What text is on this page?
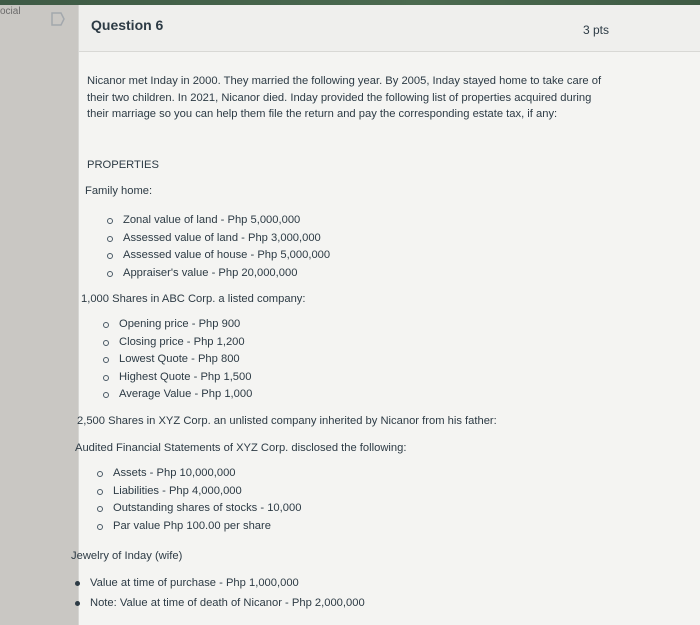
ocial
Question 6	3 pts
Nicanor met Inday in 2000. They married the following year. By 2005, Inday stayed home to take care of their two children. In 2021, Nicanor died. Inday provided the following list of properties acquired during their marriage so you can help them file the return and pay the corresponding estate tax, if any:
PROPERTIES
Family home:
Zonal value of land - Php 5,000,000
Assessed value of land - Php 3,000,000
Assessed value of house - Php 5,000,000
Appraiser's value - Php 20,000,000
1,000 Shares in ABC Corp. a listed company:
Opening price - Php 900
Closing price - Php 1,200
Lowest Quote - Php 800
Highest Quote - Php 1,500
Average Value - Php 1,000
2,500 Shares in XYZ Corp. an unlisted company inherited by Nicanor from his father:
Audited Financial Statements of XYZ Corp. disclosed the following:
Assets - Php 10,000,000
Liabilities - Php 4,000,000
Outstanding shares of stocks - 10,000
Par value Php 100.00 per share
Jewelry of Inday (wife)
Value at time of purchase - Php 1,000,000
Note: Value at time of death of Nicanor - Php 2,000,000
